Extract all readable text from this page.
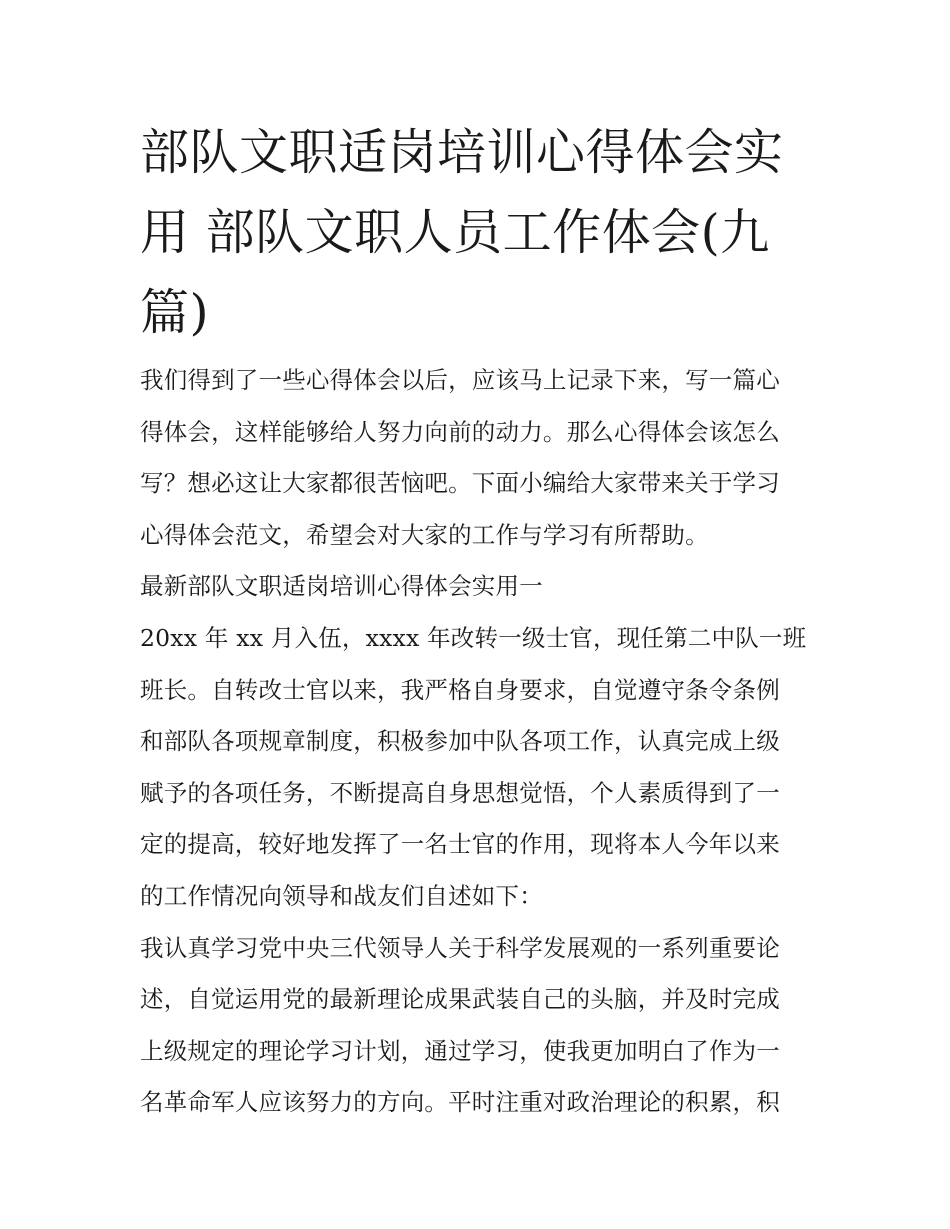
部队文职适岗培训心得体会实
用 部队文职人员工作体会(九
篇)
我们得到了一些心得体会以后，应该马上记录下来，写一篇心
得体会，这样能够给人努力向前的动力。那么心得体会该怎么
写？想必这让大家都很苦恼吧。下面小编给大家带来关于学习
心得体会范文，希望会对大家的工作与学习有所帮助。
最新部队文职适岗培训心得体会实用一
20xx 年 xx 月入伍，xxxx 年改转一级士官，现任第二中队一班
班长。自转改士官以来，我严格自身要求，自觉遵守条令条例
和部队各项规章制度，积极参加中队各项工作，认真完成上级
赋予的各项任务，不断提高自身思想觉悟，个人素质得到了一
定的提高，较好地发挥了一名士官的作用，现将本人今年以来
的工作情况向领导和战友们自述如下：
我认真学习党中央三代领导人关于科学发展观的一系列重要论
述，自觉运用党的最新理论成果武装自己的头脑，并及时完成
上级规定的理论学习计划，通过学习，使我更加明白了作为一
名革命军人应该努力的方向。平时注重对政治理论的积累，积
